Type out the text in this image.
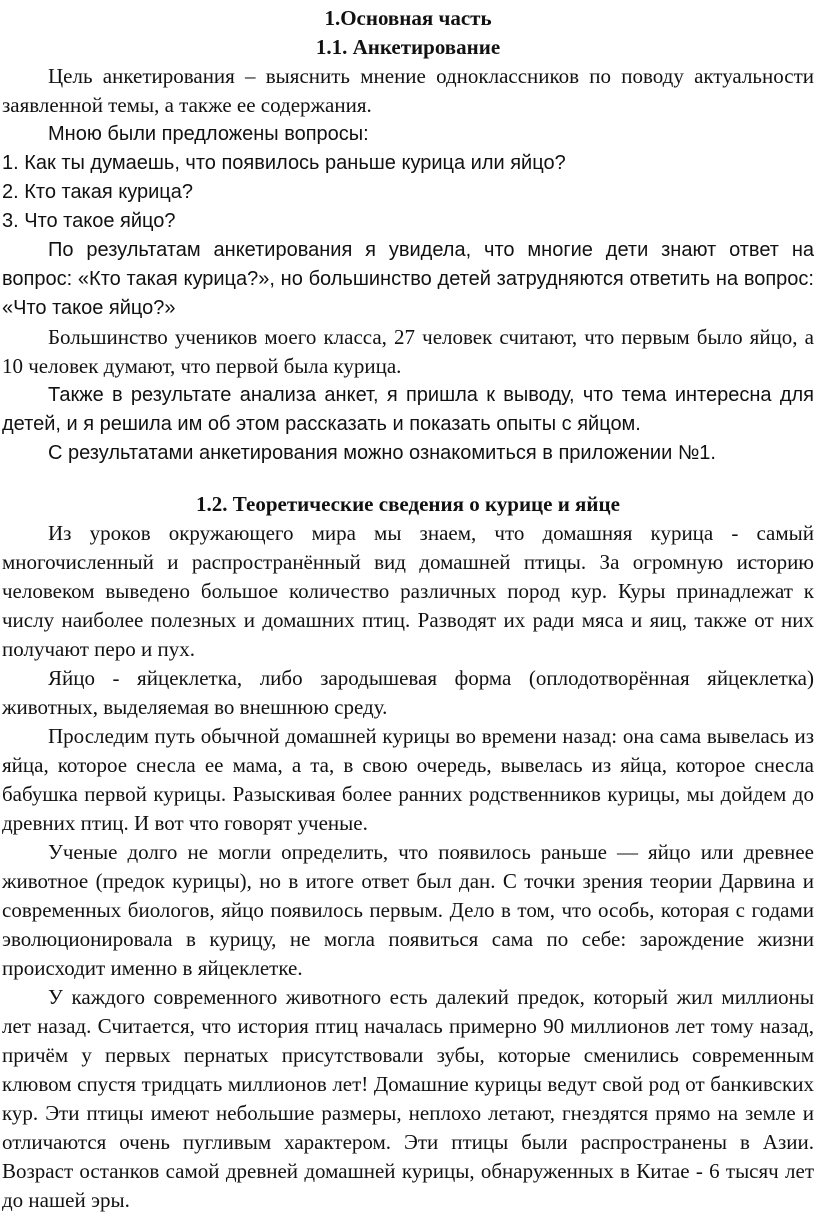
1.Основная часть

1.1. Анкетирование

Цель анкетирования – выяснить мнение одноклассников по поводу актуальности заявленной темы, а также ее содержания.

Мною были предложены вопросы:

1. Как ты думаешь, что появилось раньше курица или яйцо?

2. Кто такая курица?

3. Что такое яйцо?

По результатам анкетирования я увидела, что многие дети знают ответ на вопрос: «Кто такая курица?», но большинство детей затрудняются ответить на вопрос: «Что такое яйцо?»

Большинство учеников моего класса, 27 человек считают, что первым было яйцо, а 10 человек думают, что первой была курица.

Также в результате анализа анкет, я пришла к выводу, что тема интересна для детей, и я решила им об этом рассказать и показать опыты с яйцом.

С результатами анкетирования можно ознакомиться в приложении №1.

1.2. Теоретические сведения о курице и яйце

Из уроков окружающего мира мы знаем, что домашняя курица - самый многочисленный и распространённый вид домашней птицы. За огромную историю человеком выведено большое количество различных пород кур. Куры принадлежат к числу наиболее полезных и домашних птиц. Разводят их ради мяса и яиц, также от них получают перо и пух.

Яйцо - яйцеклетка, либо зародышевая форма (оплодотворённая яйцеклетка) животных, выделяемая во внешнюю среду.

Проследим путь обычной домашней курицы во времени назад: она сама вывелась из яйца, которое снесла ее мама, а та, в свою очередь, вывелась из яйца, которое снесла бабушка первой курицы. Разыскивая более ранних родственников курицы, мы дойдем до древних птиц. И вот что говорят ученые.

Ученые долго не могли определить, что появилось раньше — яйцо или древнее животное (предок курицы), но в итоге ответ был дан. С точки зрения теории Дарвина и современных биологов, яйцо появилось первым. Дело в том, что особь, которая с годами эволюционировала в курицу, не могла появиться сама по себе: зарождение жизни происходит именно в яйцеклетке.

У каждого современного животного есть далекий предок, который жил миллионы лет назад. Считается, что история птиц началась примерно 90 миллионов лет тому назад, причём у первых пернатых присутствовали зубы, которые сменились современным клювом спустя тридцать миллионов лет! Домашние курицы ведут свой род от банкивских кур. Эти птицы имеют небольшие размеры, неплохо летают, гнездятся прямо на земле и отличаются очень пугливым характером. Эти птицы были распространены в Азии. Возраст останков самой древней домашней курицы, обнаруженных в Китае - 6 тысяч лет до нашей эры.
